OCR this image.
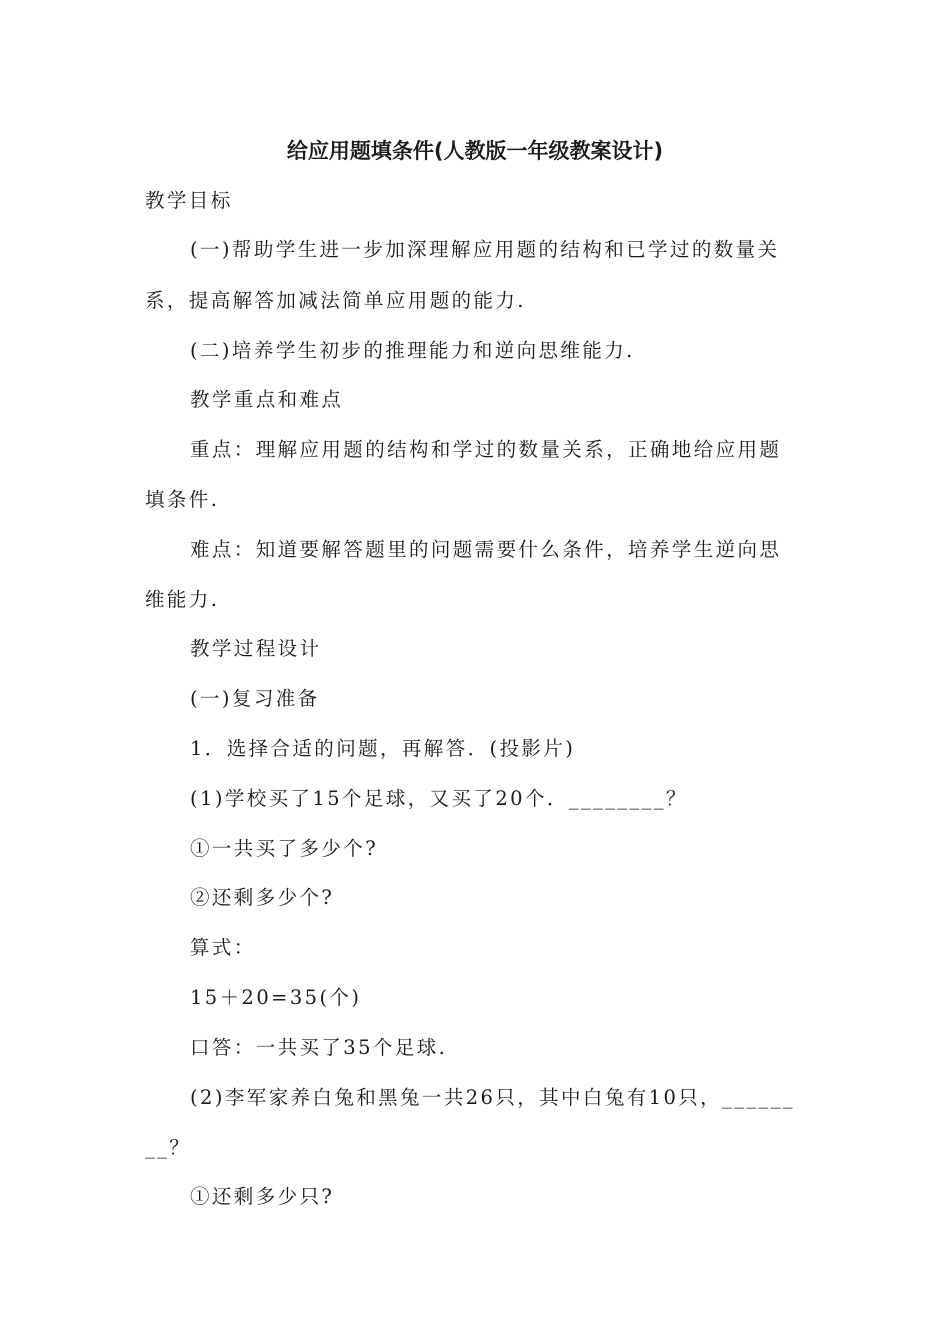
给应用题填条件(人教版一年级教案设计)
教学目标
(一)帮助学生进一步加深理解应用题的结构和已学过的数量关
系，提高解答加减法简单应用题的能力.
(二)培养学生初步的推理能力和逆向思维能力.
教学重点和难点
重点：理解应用题的结构和学过的数量关系，正确地给应用题
填条件.
难点：知道要解答题里的问题需要什么条件，培养学生逆向思
维能力.
教学过程设计
(一)复习准备
1．选择合适的问题，再解答．(投影片)
(1)学校买了15个足球，又买了20个．________？
①一共买了多少个?
②还剩多少个?
算式：
15＋20=35(个)
口答：一共买了35个足球.
(2)李军家养白兔和黑兔一共26只，其中白兔有10只，______
__？
①还剩多少只?
